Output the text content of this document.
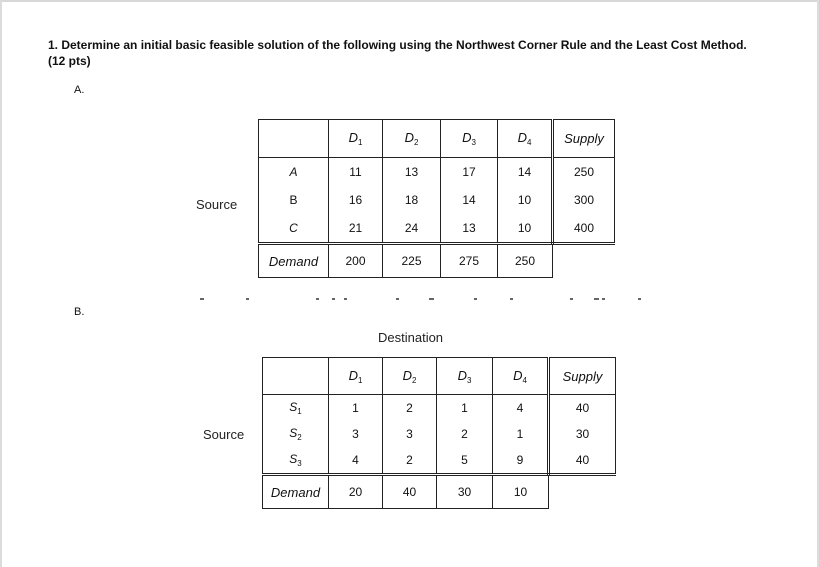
1. Determine an initial basic feasible solution of the following using the Northwest Corner Rule and the Least Cost Method.
(12 pts)
A.
Source
	$D_1$	$D_2$	$D_3$	$D_4$	Supply
A	11	13	17	14	250
B	16	18	14	10	300
C	21	24	13	10	400
Demand	200	225	275	250	
B.
Destination
Source
	$D_1$	$D_2$	$D_3$	$D_4$	Supply
$S_1$	1	2	1	4	40
$S_2$	3	3	2	1	30
$S_3$	4	2	5	9	40
Demand	20	40	30	10	
